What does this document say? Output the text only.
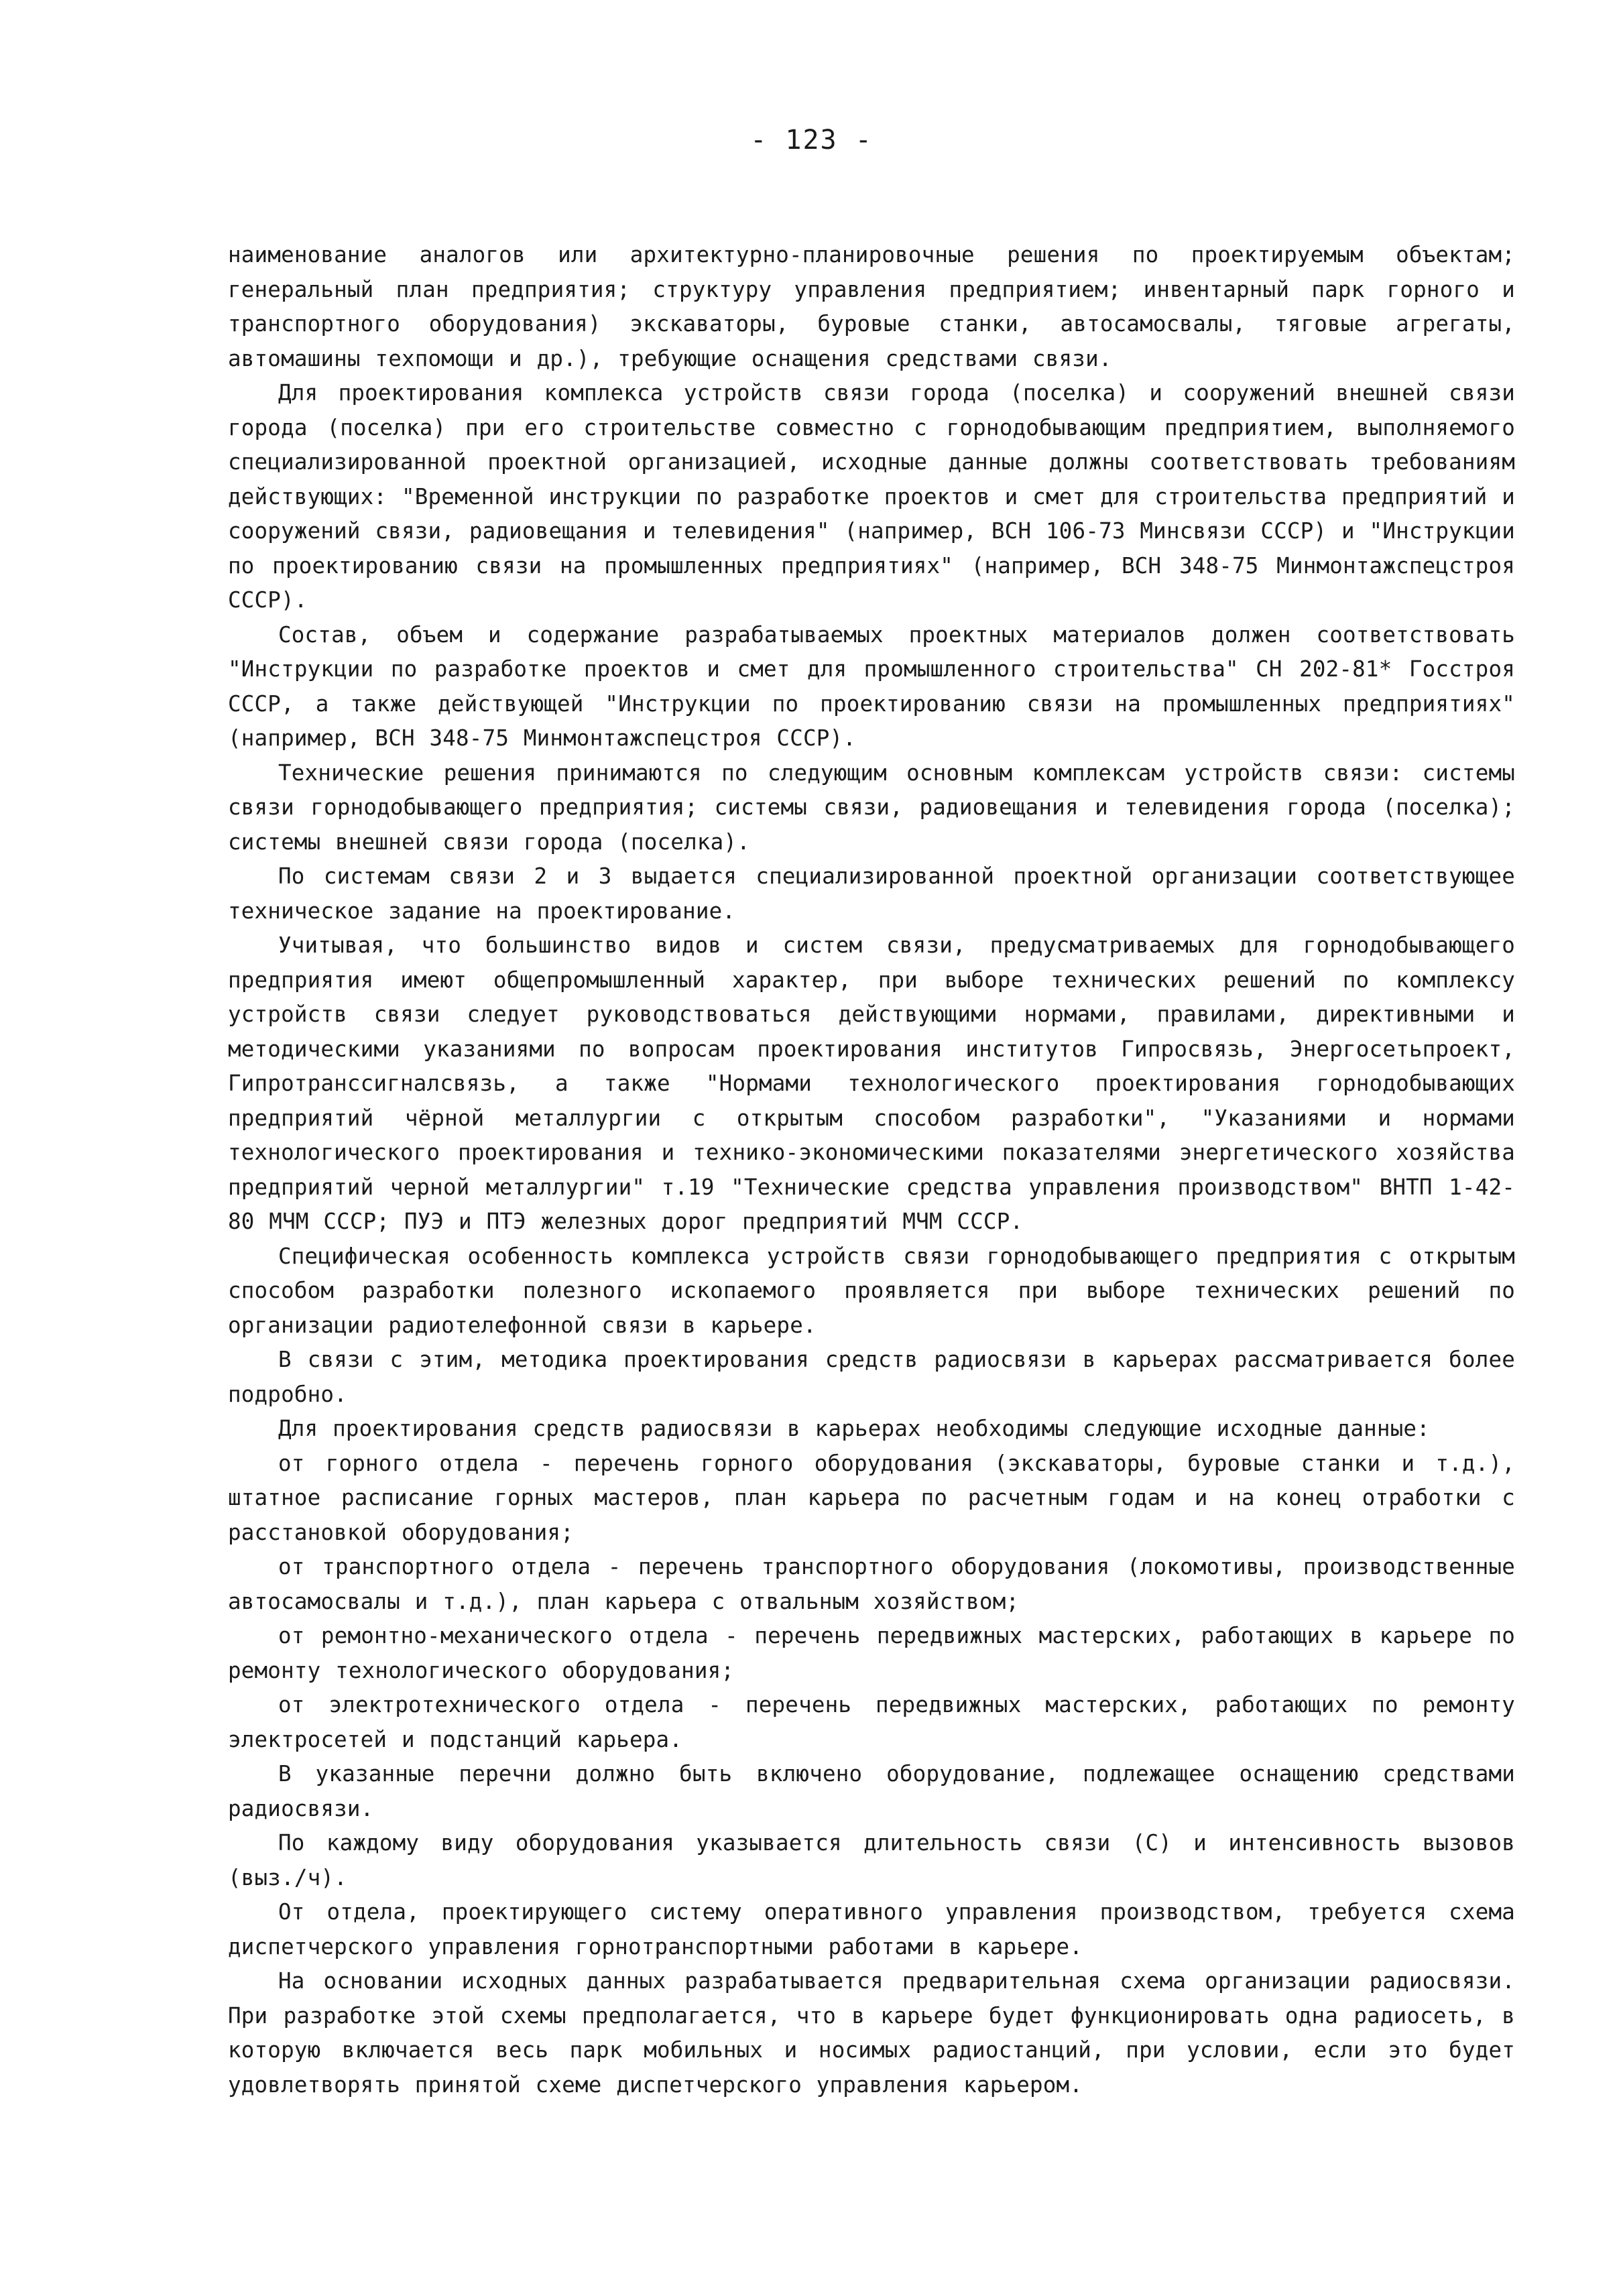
- 123 -

наименование аналогов или архитектурно-планировочные решения по проектируемым объектам; генеральный план предприятия; структуру управления предприятием; инвентарный парк горного и транспортного оборудования) экскаваторы, буровые станки, автосамосвалы, тяговые агрегаты, автомашины техпомощи и др.), требующие оснащения средствами связи.

Для проектирования комплекса устройств связи города (поселка) и сооружений внешней связи города (поселка) при его строительстве совместно с горнодобывающим предприятием, выполняемого специализированной проектной организацией, исходные данные должны соответствовать требованиям действующих: "Временной инструкции по разработке проектов и смет для строительства предприятий и сооружений связи, радиовещания и телевидения" (например, ВСН 106-73 Минсвязи СССР) и "Инструкции по проектированию связи на промышленных предприятиях" (например, ВСН 348-75 Минмонтажспецстроя СССР).

Состав, объем и содержание разрабатываемых проектных материалов должен соответствовать "Инструкции по разработке проектов и смет для промышленного строительства" СН 202-81* Госстроя СССР, а также действующей "Инструкции по проектированию связи на промышленных предприятиях" (например, ВСН 348-75 Минмонтажспецстроя СССР).

Технические решения принимаются по следующим основным комплексам устройств связи: системы связи горнодобывающего предприятия; системы связи, радиовещания и телевидения города (поселка); системы внешней связи города (поселка).

По системам связи 2 и 3 выдается специализированной проектной организации соответствующее техническое задание на проектирование.

Учитывая, что большинство видов и систем связи, предусматриваемых для горнодобывающего предприятия имеют общепромышленный характер, при выборе технических решений по комплексу устройств связи следует руководствоваться действующими нормами, правилами, директивными и методическими указаниями по вопросам проектирования институтов Гипросвязь, Энергосетьпроект, Гипротранссигналсвязь, а также "Нормами технологического проектирования горнодобывающих предприятий чёрной металлургии с открытым способом разработки", "Указаниями и нормами технологического проектирования и технико-экономическими показателями энергетического хозяйства предприятий черной металлургии" т.19 "Технические средства управления производством" ВНТП 1-42-80 МЧМ СССР; ПУЭ и ПТЭ железных дорог предприятий МЧМ СССР.

Специфическая особенность комплекса устройств связи горнодобывающего предприятия с открытым способом разработки полезного ископаемого проявляется при выборе технических решений по организации радиотелефонной связи в карьере.

В связи с этим, методика проектирования средств радиосвязи в карьерах рассматривается более подробно.

Для проектирования средств радиосвязи в карьерах необходимы следующие исходные данные:

от горного отдела - перечень горного оборудования (экскаваторы, буровые станки и т.д.), штатное расписание горных мастеров, план карьера по расчетным годам и на конец отработки с расстановкой оборудования;

от транспортного отдела - перечень транспортного оборудования (локомотивы, производственные автосамосвалы и т.д.), план карьера с отвальным хозяйством;

от ремонтно-механического отдела - перечень передвижных мастерских, работающих в карьере по ремонту технологического оборудования;

от электротехнического отдела - перечень передвижных мастерских, работающих по ремонту электросетей и подстанций карьера.

В указанные перечни должно быть включено оборудование, подлежащее оснащению средствами радиосвязи.

По каждому виду оборудования указывается длительность связи (С) и интенсивность вызовов (выз./ч).

От отдела, проектирующего систему оперативного управления производством, требуется схема диспетчерского управления горнотранспортными работами в карьере.

На основании исходных данных разрабатывается предварительная схема организации радиосвязи. При разработке этой схемы предполагается, что в карьере будет функционировать одна радиосеть, в которую включается весь парк мобильных и носимых радиостанций, при условии, если это будет удовлетворять принятой схеме диспетчерского управления карьером.
